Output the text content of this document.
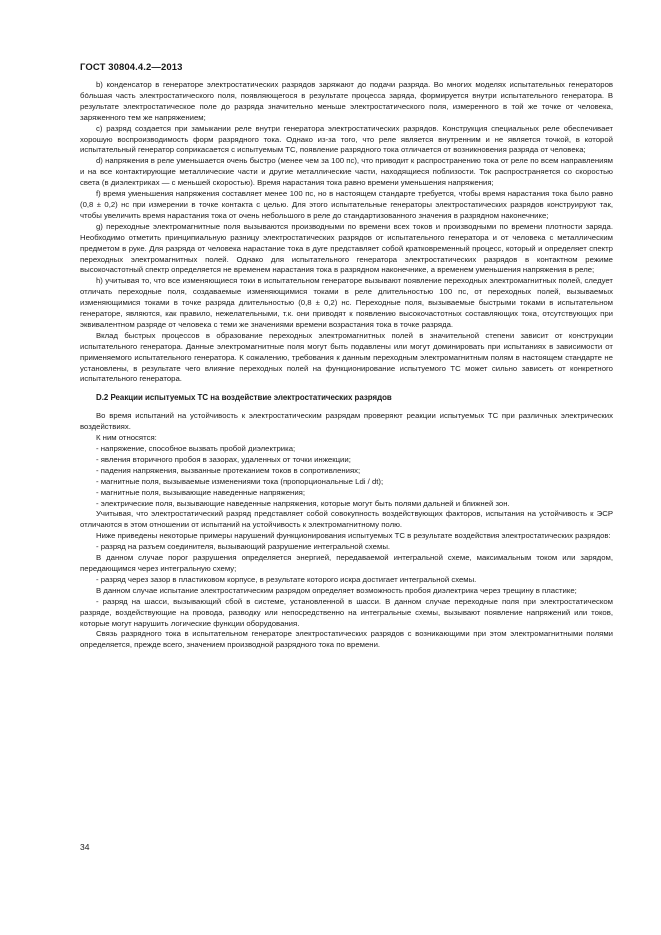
ГОСТ 30804.4.2—2013

b) конденсатор в генераторе электростатических разрядов заряжают до подачи разряда. Во многих моделях испытательных генераторов бо́льшая часть электростатического поля, появляющегося в результате процесса заряда, формируется внутри испытательного генератора. В результате электростатическое поле до разряда значительно меньше электростатического поля, измеренного в той же точке от человека, заряженного тем же напряжением;

c) разряд создается при замыкании реле внутри генератора электростатических разрядов. Конструкция специальных реле обеспечивает хорошую воспроизводимость форм разрядного тока. Однако из-за того, что реле является внутренним и не является точкой, в которой испытательный генератор соприкасается с испытуемым ТС, появление разрядного тока отличается от возникновения разряда от человека;

d) напряжения в реле уменьшается очень быстро (менее чем за 100 пс), что приводит к распространению тока от реле по всем направлениям и на все контактирующие металлические части и другие металлические части, находящиеся поблизости. Ток распространяется со скоростью света (в диэлектриках — с меньшей скоростью). Время нарастания тока равно времени уменьшения напряжения;

f) время уменьшения напряжения составляет менее 100 пс, но в настоящем стандарте требуется, чтобы время нарастания тока было равно (0,8 ± 0,2) нс при измерении в точке контакта с целью. Для этого испытательные генераторы электростатических разрядов конструируют так, чтобы увеличить время нарастания тока от очень небольшого в реле до стандартизованного значения в разрядном наконечнике;

g) переходные электромагнитные поля вызываются производными по времени всех токов и производными по времени плотности заряда. Необходимо отметить принципиальную разницу электростатических разрядов от испытательного генератора и от человека с металлическим предметом в руке. Для разряда от человека нарастание тока в дуге представляет собой кратковременный процесс, который и определяет спектр переходных электромагнитных полей. Однако для испытательного генератора электростатических разрядов в контактном режиме высокочастотный спектр определяется не временем нарастания тока в разрядном наконечнике, а временем уменьшения напряжения в реле;

h) учитывая то, что все изменяющиеся токи в испытательном генераторе вызывают появление переходных электромагнитных полей, следует отличать переходные поля, создаваемые изменяющимися токами в реле длительностью 100 пс, от переходных полей, вызываемых изменяющимися токами в точке разряда длительностью (0,8 ± 0,2) нс. Переходные поля, вызываемые быстрыми токами в испытательном генераторе, являются, как правило, нежелательными, т.к. они приводят к появлению высокочастотных составляющих тока, отсутствующих при эквивалентном разряде от человека с теми же значениями времени возрастания тока в точке разряда.

Вклад быстрых процессов в образование переходных электромагнитных полей в значительной степени зависит от конструкции испытательного генератора. Данные электромагнитные поля могут быть подавлены или могут доминировать при испытаниях в зависимости от применяемого испытательного генератора. К сожалению, требования к данным переходным электромагнитным полям в настоящем стандарте не установлены, в результате чего влияние переходных полей на функционирование испытуемого ТС может сильно зависеть от конкретного испытательного генератора.

D.2 Реакции испытуемых ТС на воздействие электростатических разрядов

Во время испытаний на устойчивость к электростатическим разрядам проверяют реакции испытуемых ТС при различных электрических воздействиях.

К ним относятся:

- напряжение, способное вызвать пробой диэлектрика;

- явления вторичного пробоя в зазорах, удаленных от точки инжекции;

- падения напряжения, вызванные протеканием токов в сопротивлениях;

- магнитные поля, вызываемые изменениями тока (пропорциональные Ldi / dt);

- магнитные поля, вызывающие наведенные напряжения;

- электрические поля, вызывающие наведенные напряжения, которые могут быть полями дальней и ближней зон.

Учитывая, что электростатический разряд представляет собой совокупность воздействующих факторов, испытания на устойчивость к ЭСР отличаются в этом отношении от испытаний на устойчивость к электромагнитному полю.

Ниже приведены некоторые примеры нарушений функционирования испытуемых ТС в результате воздействия электростатических разрядов:

- разряд на разъем соединителя, вызывающий разрушение интегральной схемы.

В данном случае порог разрушения определяется энергией, передаваемой интегральной схеме, максимальным током или зарядом, передающимся через интегральную схему;

- разряд через зазор в пластиковом корпусе, в результате которого искра достигает интегральной схемы.

В данном случае испытание электростатическим разрядом определяет возможность пробоя диэлектрика через трещину в пластике;

- разряд на шасси, вызывающий сбой в системе, установленной в шасси. В данном случае переходные поля при электростатическом разряде, воздействующие на провода, разводку или непосредственно на интегральные схемы, вызывают появление напряжений или токов, которые могут нарушить логические функции оборудования.

Связь разрядного тока в испытательном генераторе электростатических разрядов с возникающими при этом электромагнитными полями определяется, прежде всего, значением производной разрядного тока по времени.

34
